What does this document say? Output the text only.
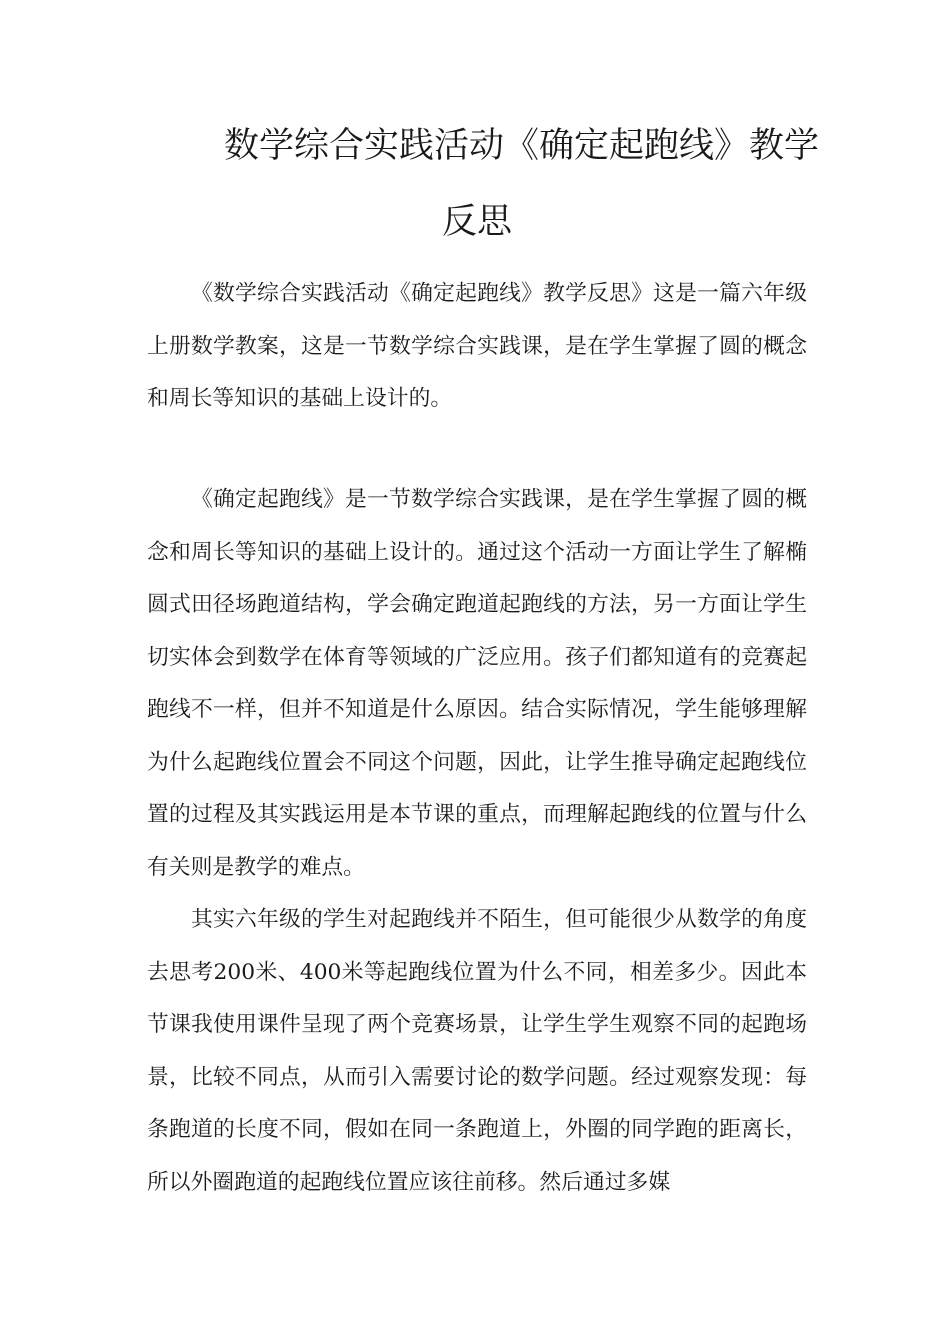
数学综合实践活动《确定起跑线》教学
反思

《数学综合实践活动《确定起跑线》教学反思》这是一篇六年级上册数学教案，这是一节数学综合实践课，是在学生掌握了圆的概念和周长等知识的基础上设计的。

《确定起跑线》是一节数学综合实践课，是在学生掌握了圆的概念和周长等知识的基础上设计的。通过这个活动一方面让学生了解椭圆式田径场跑道结构，学会确定跑道起跑线的方法，另一方面让学生切实体会到数学在体育等领域的广泛应用。孩子们都知道有的竞赛起跑线不一样，但并不知道是什么原因。结合实际情况，学生能够理解为什么起跑线位置会不同这个问题，因此，让学生推导确定起跑线位置的过程及其实践运用是本节课的重点，而理解起跑线的位置与什么有关则是教学的难点。

其实六年级的学生对起跑线并不陌生，但可能很少从数学的角度去思考200米、400米等起跑线位置为什么不同，相差多少。因此本节课我使用课件呈现了两个竞赛场景，让学生学生观察不同的起跑场景，比较不同点，从而引入需要讨论的数学问题。经过观察发现：每条跑道的长度不同，假如在同一条跑道上，外圈的同学跑的距离长，所以外圈跑道的起跑线位置应该往前移。然后通过多媒
